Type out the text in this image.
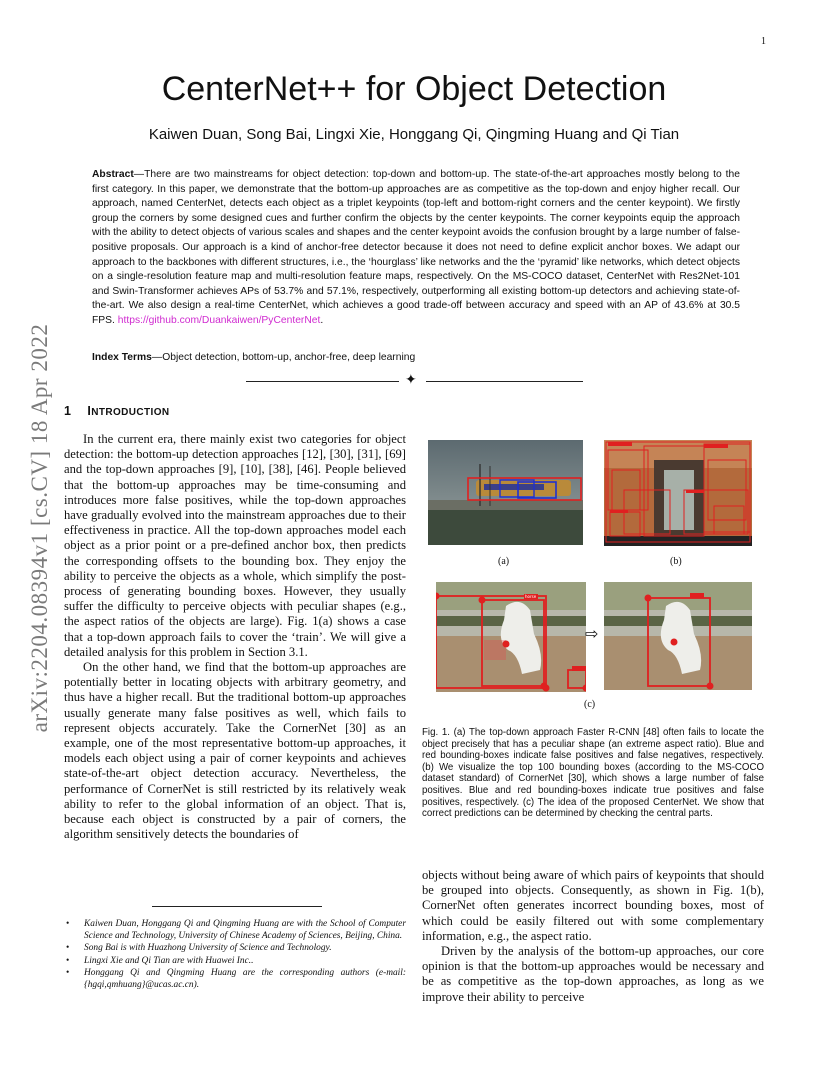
1
arXiv:2204.08394v1 [cs.CV] 18 Apr 2022
CenterNet++ for Object Detection
Kaiwen Duan, Song Bai, Lingxi Xie, Honggang Qi, Qingming Huang and Qi Tian
Abstract—There are two mainstreams for object detection: top-down and bottom-up. The state-of-the-art approaches mostly belong to the first category. In this paper, we demonstrate that the bottom-up approaches are as competitive as the top-down and enjoy higher recall. Our approach, named CenterNet, detects each object as a triplet keypoints (top-left and bottom-right corners and the center keypoint). We firstly group the corners by some designed cues and further confirm the objects by the center keypoints. The corner keypoints equip the approach with the ability to detect objects of various scales and shapes and the center keypoint avoids the confusion brought by a large number of false-positive proposals. Our approach is a kind of anchor-free detector because it does not need to define explicit anchor boxes. We adapt our approach to the backbones with different structures, i.e., the ‘hourglass’ like networks and the the ‘pyramid’ like networks, which detect objects on a single-resolution feature map and multi-resolution feature maps, respectively. On the MS-COCO dataset, CenterNet with Res2Net-101 and Swin-Transformer achieves APs of 53.7% and 57.1%, respectively, outperforming all existing bottom-up detectors and achieving state-of-the-art. We also design a real-time CenterNet, which achieves a good trade-off between accuracy and speed with an AP of 43.6% at 30.5 FPS. https://github.com/Duankaiwen/PyCenterNet.
Index Terms—Object detection, bottom-up, anchor-free, deep learning
✦
1 INTRODUCTION

In the current era, there mainly exist two categories for object detection: the bottom-up detection approaches [12], [30], [31], [69] and the top-down approaches [9], [10], [38], [46]. People believed that the bottom-up approaches may be time-consuming and introduces more false positives, while the top-down approaches have gradually evolved into the mainstream approaches due to their effectiveness in practice. All the top-down approaches model each object as a prior point or a pre-defined anchor box, then predicts the corresponding offsets to the bounding box. They enjoy the ability to perceive the objects as a whole, which simplify the post-process of generating bounding boxes. However, they usually suffer the difficulty to perceive objects with peculiar shapes (e.g., the aspect ratios of the objects are large). Fig. 1(a) shows a case that a top-down approach fails to cover the ‘train’. We will give a detailed analysis for this problem in Section 3.1.

On the other hand, we find that the bottom-up approaches are potentially better in locating objects with arbitrary geometry, and thus have a higher recall. But the traditional bottom-up approaches usually generate many false positives as well, which fails to represent objects accurately. Take the CornerNet [30] as an example, one of the most representative bottom-up approaches, it models each object using a pair of corner keypoints and achieves state-of-the-art object detection accuracy. Nevertheless, the performance of CornerNet is still restricted by its relatively weak ability to refer to the global information of an object. That is, because each object is constructed by a pair of corners, the algorithm sensitively detects the boundaries of

• Kaiwen Duan, Honggang Qi and Qingming Huang are with the School of Computer Science and Technology, University of Chinese Academy of Sciences, Beijing, China.
• Song Bai is with Huazhong University of Science and Technology.
• Lingxi Xie and Qi Tian are with Huawei Inc..
• Honggang Qi and Qingming Huang are the corresponding authors (e-mail: {hgqi,qmhuang}@ucas.ac.cn).
(a)	(b)
horse
⇨
(c)
Fig. 1. (a) The top-down approach Faster R-CNN [48] often fails to locate the object precisely that has a peculiar shape (an extreme aspect ratio). Blue and red bounding-boxes indicate false positives and false negatives, respectively. (b) We visualize the top 100 bounding boxes (according to the MS-COCO dataset standard) of CornerNet [30], which shows a large number of false positives. Blue and red bounding-boxes indicate true positives and false positives, respectively. (c) The idea of the proposed CenterNet. We show that correct predictions can be determined by checking the central parts.

objects without being aware of which pairs of keypoints that should be grouped into objects. Consequently, as shown in Fig. 1(b), CornerNet often generates incorrect bounding boxes, most of which could be easily filtered out with some complementary information, e.g., the aspect ratio.

Driven by the analysis of the bottom-up approaches, our core opinion is that the bottom-up approaches would be necessary and be as competitive as the top-down approaches, as long as we improve their ability to perceive
